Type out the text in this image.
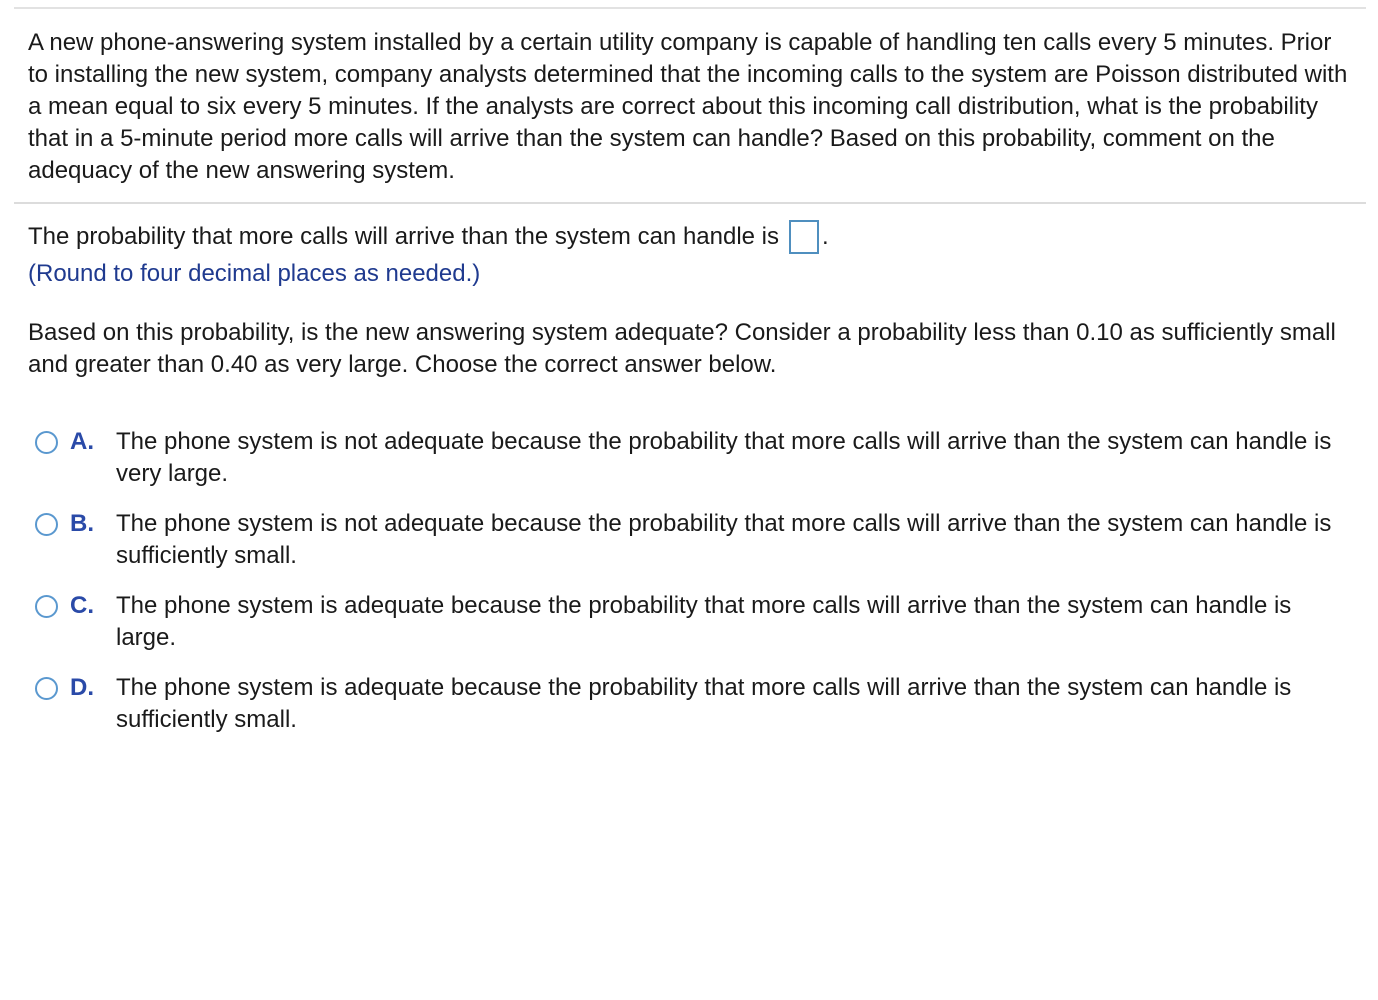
A new phone-answering system installed by a certain utility company is capable of handling ten calls every 5 minutes. Prior to installing the new system, company analysts determined that the incoming calls to the system are Poisson distributed with a mean equal to six every 5 minutes. If the analysts are correct about this incoming call distribution, what is the probability that in a 5-minute period more calls will arrive than the system can handle? Based on this probability, comment on the adequacy of the new answering system.

The probability that more calls will arrive than the system can handle is .
(Round to four decimal places as needed.)
Based on this probability, is the new answering system adequate? Consider a probability less than 0.10 as sufficiently small and greater than 0.40 as very large. Choose the correct answer below.
A. The phone system is not adequate because the probability that more calls will arrive than the system can handle is very large.
B. The phone system is not adequate because the probability that more calls will arrive than the system can handle is sufficiently small.
C. The phone system is adequate because the probability that more calls will arrive than the system can handle is large.
D. The phone system is adequate because the probability that more calls will arrive than the system can handle is sufficiently small.
